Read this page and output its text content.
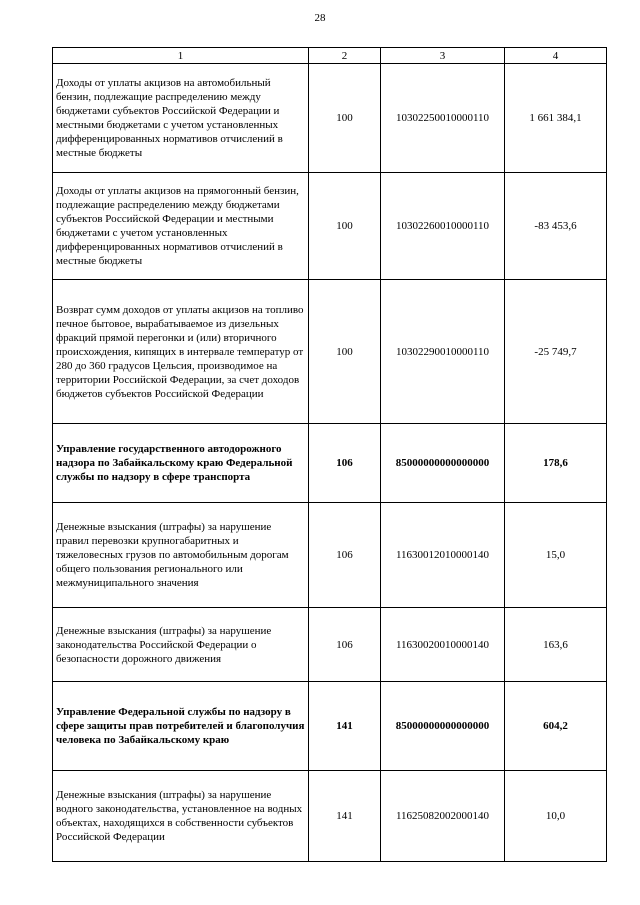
28
1	2	3	4
Доходы от уплаты акцизов на автомобильный бензин, подлежащие распределению между бюджетами субъектов Российской Федерации и местными бюджетами с учетом установленных дифференцированных нормативов отчислений в местные бюджеты	100	10302250010000110	1 661 384,1
Доходы от уплаты акцизов на прямогонный бензин, подлежащие распределению между бюджетами субъектов Российской Федерации и местными бюджетами с учетом установленных дифференцированных нормативов отчислений в местные бюджеты	100	10302260010000110	-83 453,6
Возврат сумм доходов от уплаты акцизов на топливо печное бытовое, вырабатываемое из дизельных фракций прямой перегонки и (или) вторичного происхождения, кипящих в интервале температур от 280 до 360 градусов Цельсия, производимое на территории Российской Федерации, за счет доходов бюджетов субъектов Российской Федерации	100	10302290010000110	-25 749,7
Управление государственного автодорожного надзора по Забайкальскому краю Федеральной службы по надзору в сфере транспорта	106	85000000000000000	178,6
Денежные взыскания (штрафы) за нарушение правил перевозки крупногабаритных и тяжеловесных грузов по автомобильным дорогам общего пользования регионального или межмуниципального значения	106	11630012010000140	15,0
Денежные взыскания (штрафы) за нарушение законодательства Российской Федерации о безопасности дорожного движения	106	11630020010000140	163,6
Управление Федеральной службы по надзору в сфере защиты прав потребителей и благополучия человека по Забайкальскому краю	141	85000000000000000	604,2
Денежные взыскания (штрафы) за нарушение водного законодательства, установленное на водных объектах, находящихся в собственности субъектов Российской Федерации	141	11625082002000140	10,0
